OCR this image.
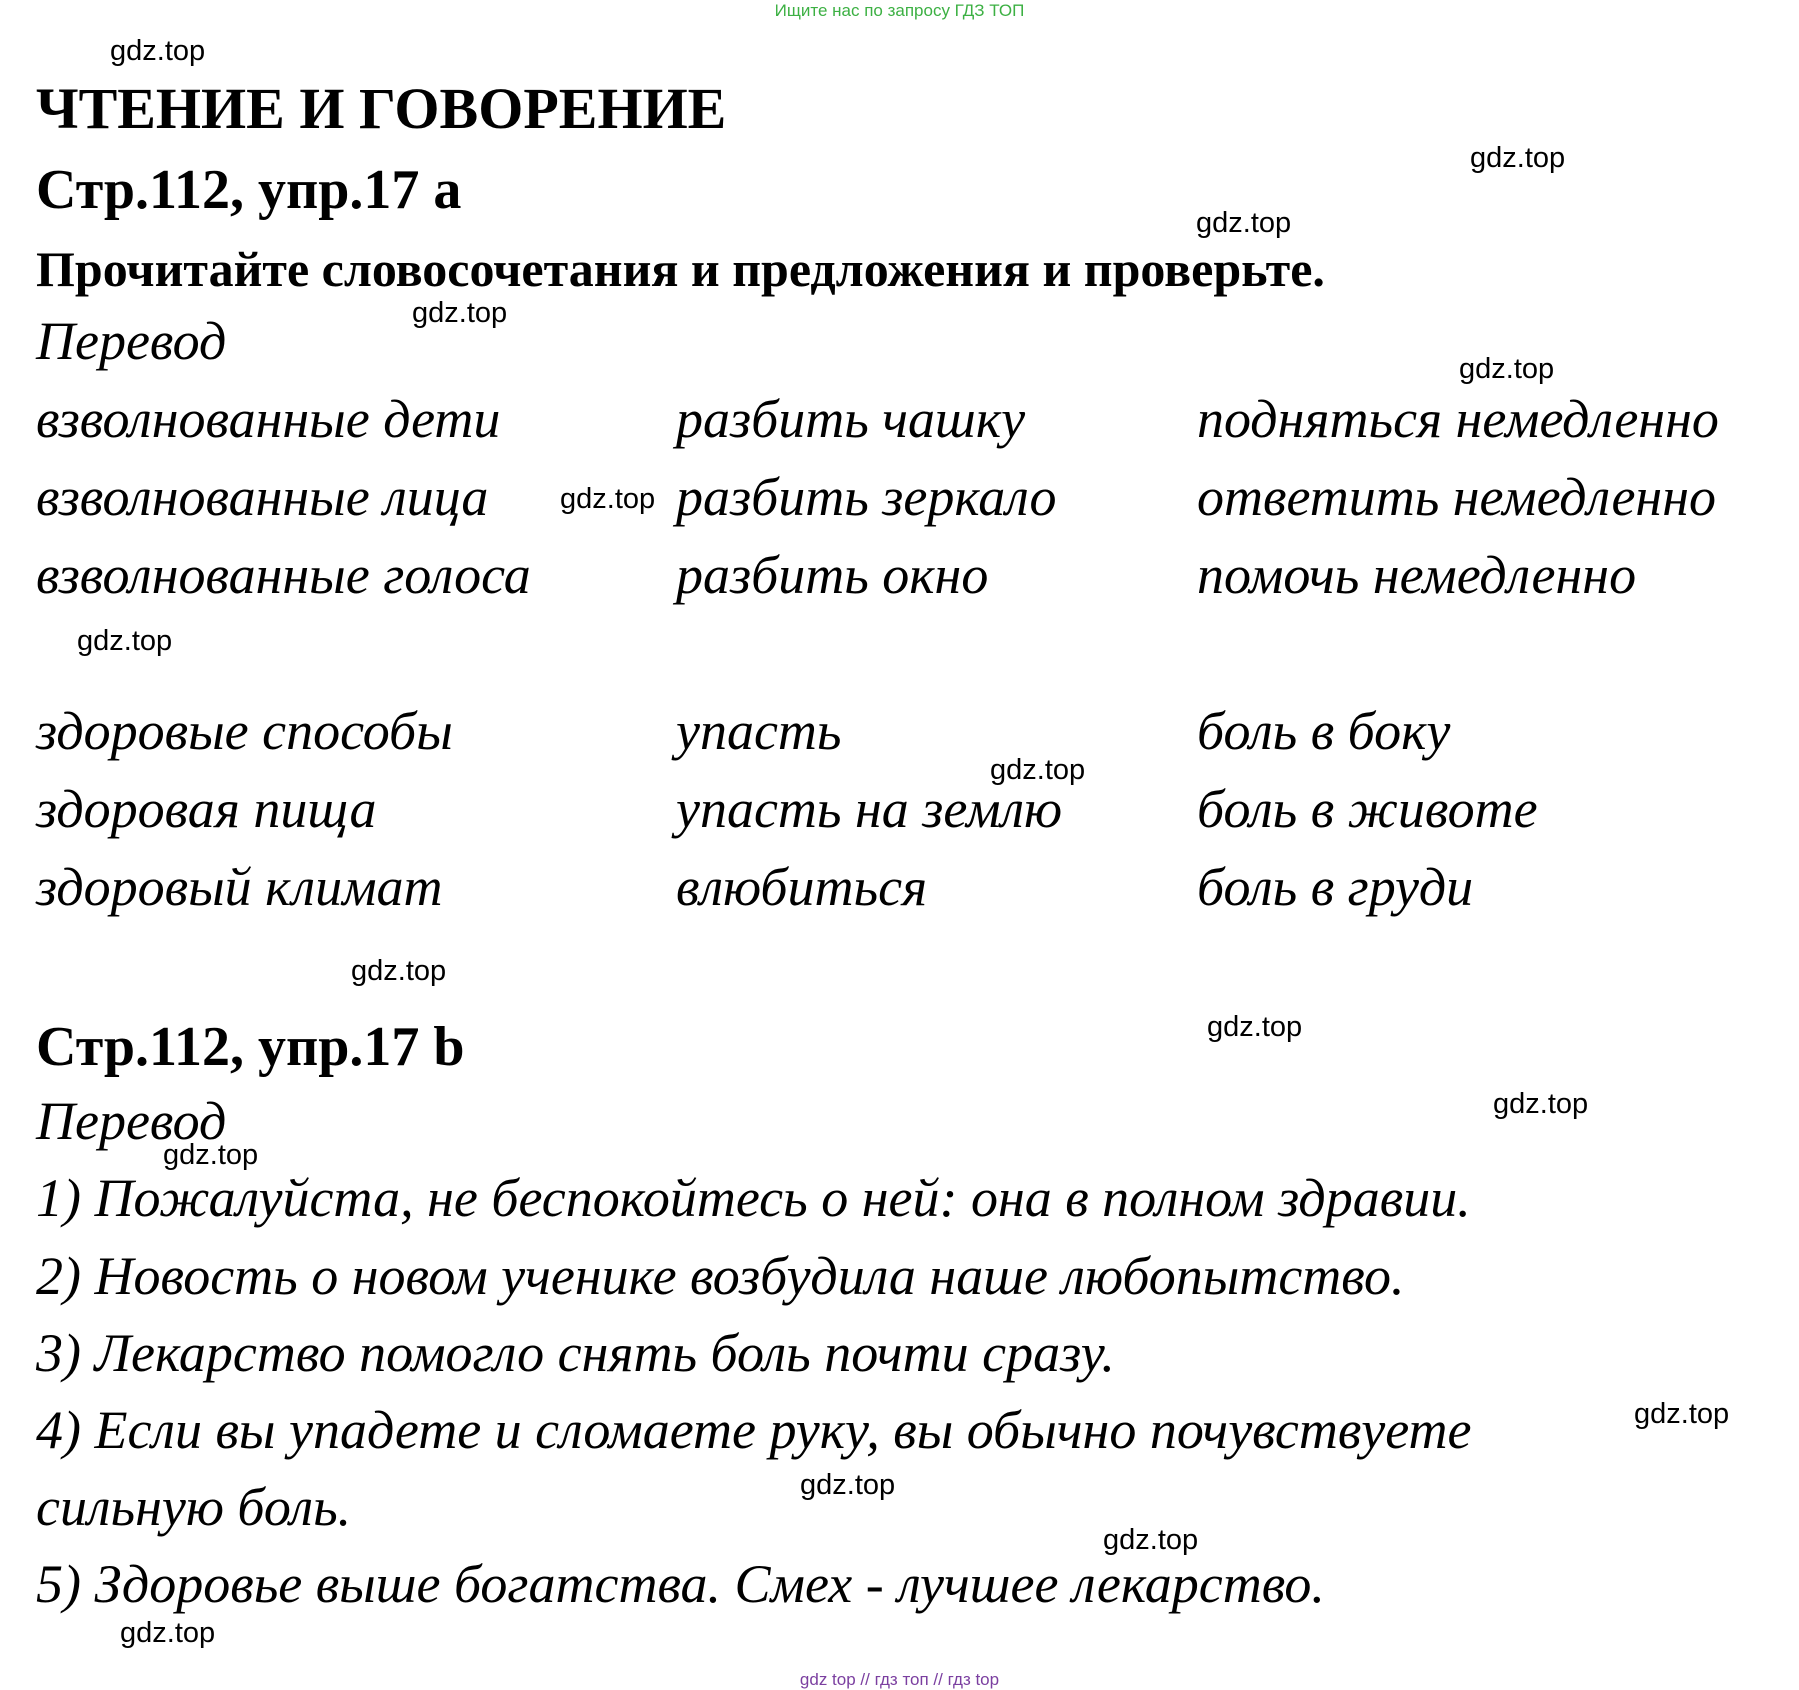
Ищите нас по запросу ГДЗ ТОП
gdz top // гдз топ // гдз top
ЧТЕНИЕ И ГОВОРЕНИЕ
Стр.112, упр.17 а
Прочитайте словосочетания и предложения и проверьте.
Перевод
взволнованные дети
взволнованные лица
взволнованные голоса
разбить чашку
разбить зеркало
разбить окно
подняться немедленно
ответить немедленно
помочь немедленно
здоровые способы
здоровая пища
здоровый климат
упасть
упасть на землю
влюбиться
боль в боку
боль в животе
боль в груди
Стр.112, упр.17 b
Перевод
1) Пожалуйста, не беспокойтесь о ней: она в полном здравии.
2) Новость о новом ученике возбудила наше любопытство.
3) Лекарство помогло снять боль почти сразу.
4) Если вы упадете и сломаете руку, вы обычно почувствуете
сильную боль.
5) Здоровье выше богатства. Смех - лучшее лекарство.
gdz.top
gdz.top
gdz.top
gdz.top
gdz.top
gdz.top
gdz.top
gdz.top
gdz.top
gdz.top
gdz.top
gdz.top
gdz.top
gdz.top
gdz.top
gdz.top
